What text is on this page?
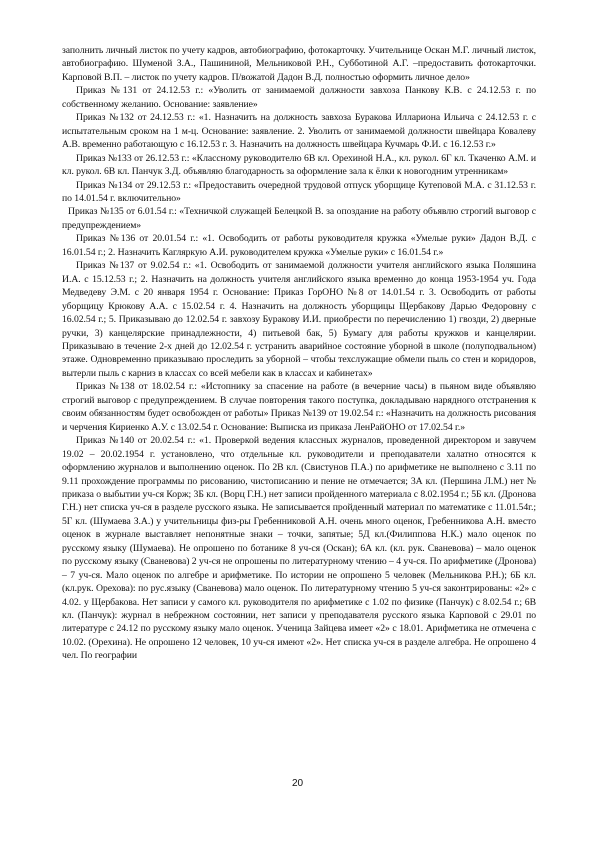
заполнить личный листок по учету кадров, автобиографию, фотокарточку. Учительнице Оскан М.Г. личный листок, автобиографию. Шуменой З.А., Пашининой, Мельниковой Р.Н., Субботиной А.Г. –предоставить фотокарточки. Карповой В.П. – листок по учету кадров. П/вожатой Дадон В.Д. полностью оформить личное дело»

Приказ №131 от 24.12.53 г.: «Уволить от занимаемой должности завхоза Панкову К.В. с 24.12.53 г. по собственному желанию. Основание: заявление»

Приказ №132 от 24.12.53 г.: «1. Назначить на должность завхоза Буракова Иллариона Ильича с 24.12.53 г. с испытательным сроком на 1 м-ц. Основание: заявление. 2. Уволить от занимаемой должности швейцара Ковалеву А.В. временно работающую с 16.12.53 г. 3. Назначить на должность швейцара Кучмарь Ф.И. с 16.12.53 г.»

Приказ №133 от 26.12.53 г.: «Классному руководителю 6В кл. Орехиной Н.А., кл. рукол. 6Г кл. Ткаченко А.М. и кл. рукол. 6В кл. Панчук З.Д. объявляю благодарность за оформление зала к ёлки к новогодним утренникам»

Приказ №134 от 29.12.53 г.: «Предоставить очередной трудовой отпуск уборщице Кутеповой М.А. с 31.12.53 г. по 14.01.54 г. включительно»

Приказ №135 от 6.01.54 г.: «Техничкой служащей Белецкой В. за опоздание на работу объявлю строгий выговор с предупреждением»

Приказ №136 от 20.01.54 г.: «1. Освободить от работы руководителя кружка «Умелые руки» Дадон В.Д. с 16.01.54 г.; 2. Назначить Кагляркую А.И. руководителем кружка «Умелые руки» с 16.01.54 г.»

Приказ №137 от 9.02.54 г.: «1. Освободить от занимаемой должности учителя английского языка Поляшина И.А. с 15.12.53 г.; 2. Назначить на должность учителя английского языка временно до конца 1953-1954 уч. Года Медведеву Э.М. с 20 января 1954 г. Основание: Приказ ГорОНО №8 от 14.01.54 г. 3. Освободить от работы уборщицу Крюкову А.А. с 15.02.54 г. 4. Назначить на должность уборщицы Щербакову Дарью Федоровну с 16.02.54 г.; 5. Приказываю до 12.02.54 г. завхозу Буракову И.И. приобрести по перечислению 1) гвозди, 2) дверные ручки, 3) канцелярские принадлежности, 4) питьевой бак, 5) Бумагу для работы кружков и канцелярии. Приказываю в течение 2-х дней до 12.02.54 г. устранить аварийное состояние уборной в школе (полуподвальном) этаже. Одновременно приказываю проследить за уборной – чтобы техслужащие обмели пыль со стен и коридоров, вытерли пыль с карниз в классах со всей мебели как в классах и кабинетах»

Приказ №138 от 18.02.54 г.: «Истопнику за спасение на работе (в вечерние часы) в пьяном виде объявляю строгий выговор с предупреждением. В случае повторения такого поступка, докладываю нарядного отстранения к своим обязанностям будет освобожден от работы» Приказ №139 от 19.02.54 г.: «Назначить на должность рисования и черчения Кириенко А.У. с 13.02.54 г. Основание: Выписка из приказа ЛенРайОНО от 17.02.54 г.»

Приказ №140 от 20.02.54 г.: «1. Проверкой ведения классных журналов, проведенной директором и завучем 19.02 – 20.02.1954 г. установлено, что отдельные кл. руководители и преподаватели халатно относятся к оформлению журналов и выполнению оценок. По 2В кл. (Свистунов П.А.) по арифметике не выполнено с 3.11 по 9.11 прохождение программы по рисованию, чистописанию и пение не отмечается; 3А кл. (Першина Л.М.) нет № приказа о выбытии уч-ся Корж; 3Б кл. (Ворц Г.Н.) нет записи пройденного материала с 8.02.1954 г.; 5Б кл. (Дронова Г.Н.) нет списка уч-ся в разделе русского языка. Не записывается пройденный материал по математике с 11.01.54г.; 5Г кл. (Шумаева З.А.) у учительницы физ-ры Гребенниковой А.Н. очень много оценок, Гребенникова А.Н. вместо оценок в журнале выставляет непонятные знаки – точки, запятые; 5Д кл.(Филиппова Н.К.) мало оценок по русскому языку (Шумаева). Не опрошено по ботанике 8 уч-ся (Оскан); 6А кл. (кл. рук. Сваневова) – мало оценок по русскому языку (Сваневова) 2 уч-ся не опрошены по литературному чтению – 4 уч-ся. По арифметике (Дронова) – 7 уч-ся. Мало оценок по алгебре и арифметике. По истории не опрошено 5 человек (Мельникова Р.Н.); 6Б кл. (кл.рук. Орехова): по рус.языку (Сваневова) мало оценок. По литературному чтению 5 уч-ся законтрированы: «2» с 4.02. у Щербакова. Нет записи у самого кл. руководителя по арифметике с 1.02 по физике (Панчук) с 8.02.54 г.; 6В кл. (Панчук): журнал в небрежном состоянии, нет записи у преподавателя русского языка Карповой с 29.01 по литературе с 24.12 по русскому языку мало оценок. Ученица Зайцева имеет «2» с 18.01. Арифметика не отмечена с 10.02. (Орехина). Не опрошено 12 человек, 10 уч-ся имеют «2». Нет списка уч-ся в разделе алгебра. Не опрошено 4 чел. По географии

20
